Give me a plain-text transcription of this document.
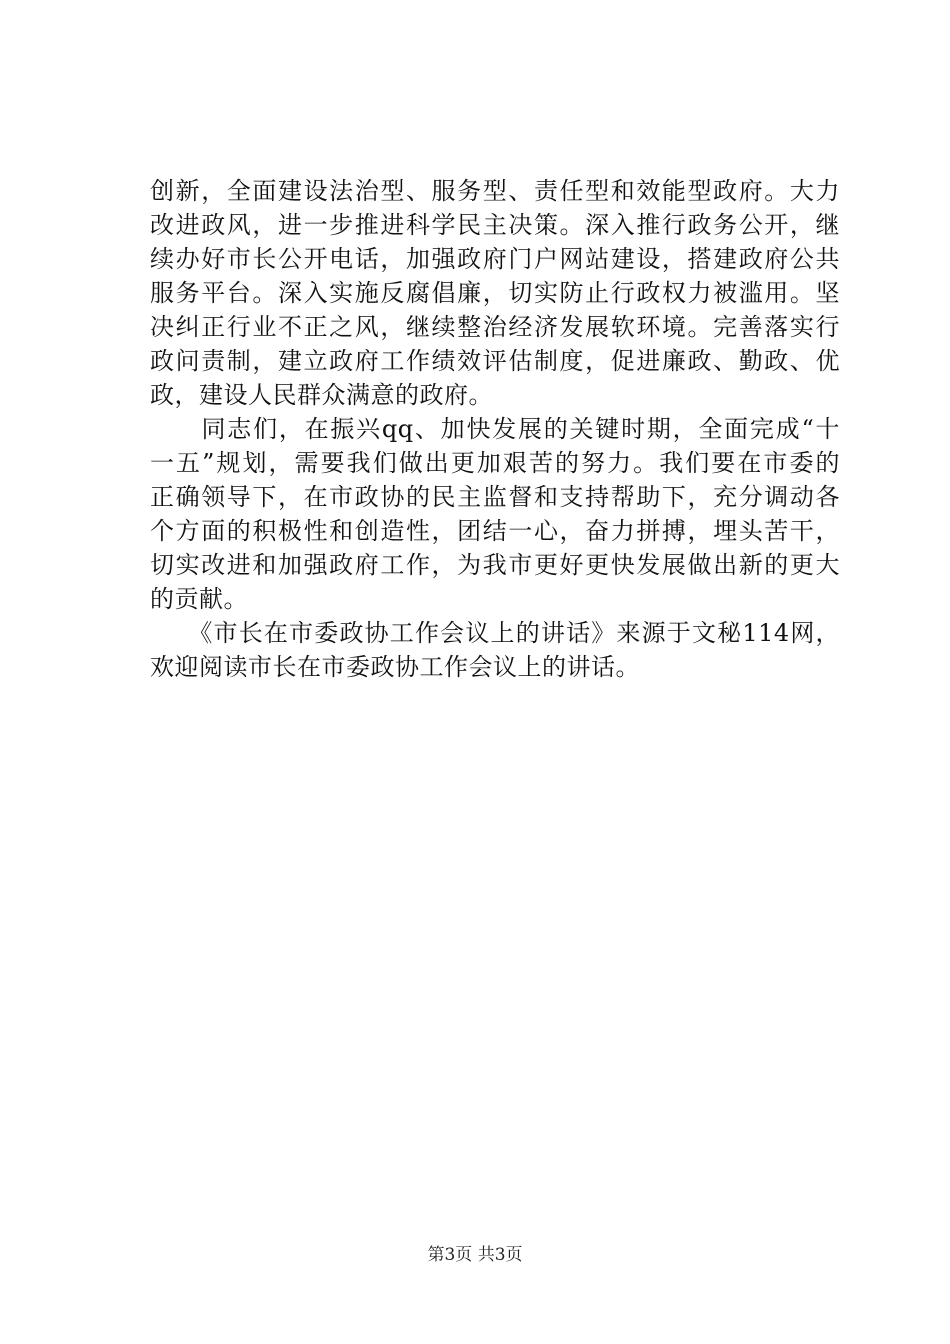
创新，全面建设法治型、服务型、责任型和效能型政府。大力
改进政风，进一步推进科学民主决策。深入推行政务公开，继
续办好市长公开电话，加强政府门户网站建设，搭建政府公共
服务平台。深入实施反腐倡廉，切实防止行政权力被滥用。坚
决纠正行业不正之风，继续整治经济发展软环境。完善落实行
政问责制，建立政府工作绩效评估制度，促进廉政、勤政、优
政，建设人民群众满意的政府。
　　同志们，在振兴qq、加快发展的关键时期，全面完成“十
一五”规划，需要我们做出更加艰苦的努力。我们要在市委的
正确领导下，在市政协的民主监督和支持帮助下，充分调动各
个方面的积极性和创造性，团结一心，奋力拼搏，埋头苦干，
切实改进和加强政府工作，为我市更好更快发展做出新的更大
的贡献。
　　《市长在市委政协工作会议上的讲话》来源于文秘114网，
欢迎阅读市长在市委政协工作会议上的讲话。
第3页 共3页
